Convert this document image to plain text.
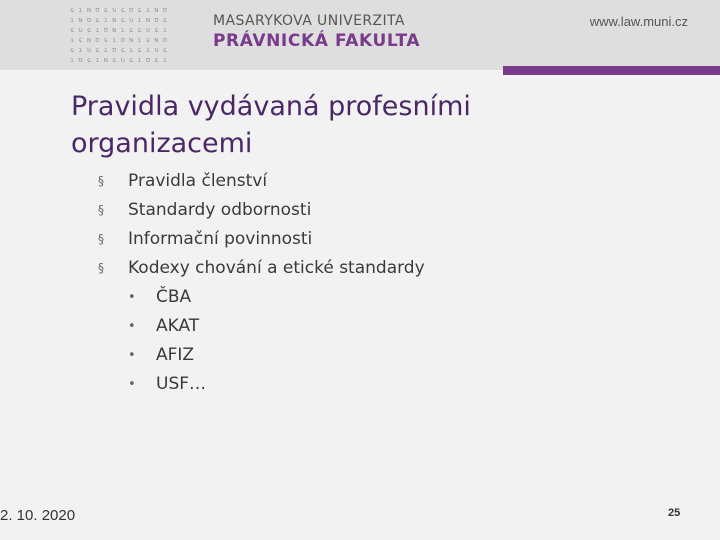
ɕ ı ɴ ʊ ɕ ʋ ɕ ʊ ɕ ı ɴ ʊ
ı ɴ ʊ ɕ ı ɴ ɕ ʋ ı ɴ ʊ ɕ
ɕ ʋ ɕ ı ʊ ɴ ı ɕ ɕ ʋ ɕ ı
ı ɕ ɴ ʊ ɕ ı ʊ ɴ ı ɕ ɴ ʊ
ɕ ı ʋ ɕ ı ʊ ɕ ı ɕ ı ʋ ɕ
ı ʊ ɕ ı ɴ ɕ ʋ ɕ ı ʊ ɕ ı
MASARYKOVA UNIVERZITA
PRÁVNICKÁ FAKULTA
www.law.muni.cz
Pravidla vydávaná profesními organizacemi
§ Pravidla členství
§ Standardy odbornosti
§ Informační povinnosti
§ Kodexy chování a etické standardy
• ČBA
• AKAT
• AFIZ
• USF…
2. 10. 2020	25
